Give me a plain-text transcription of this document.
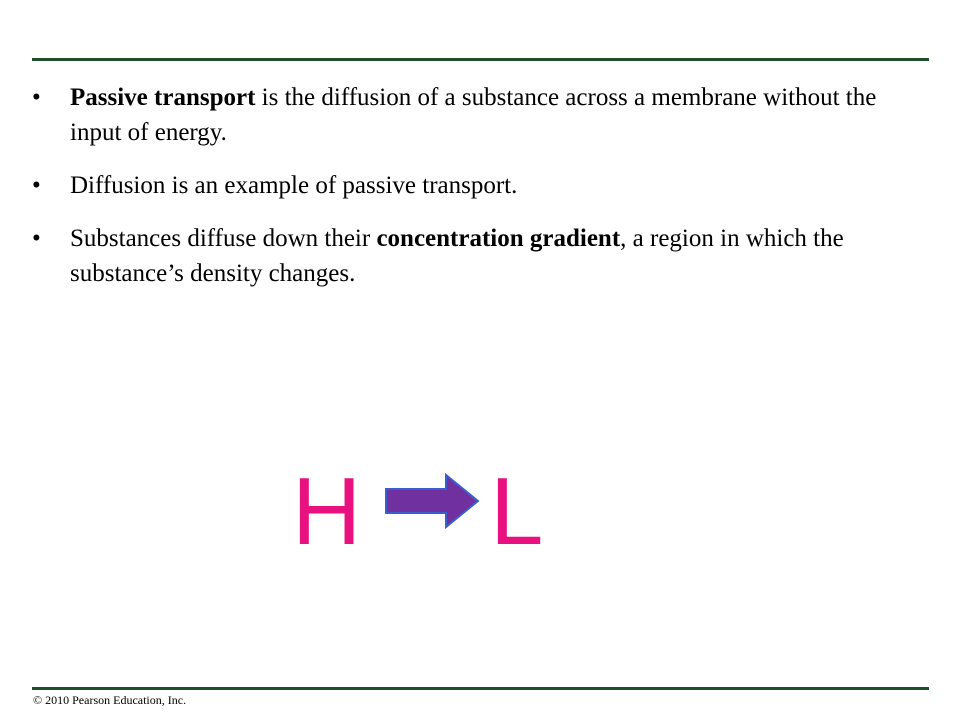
• Passive transport is the diffusion of a substance across a membrane without the input of energy.
• Diffusion is an example of passive transport.
• Substances diffuse down their concentration gradient, a region in which the substance’s density changes.
H L
© 2010 Pearson Education, Inc.
